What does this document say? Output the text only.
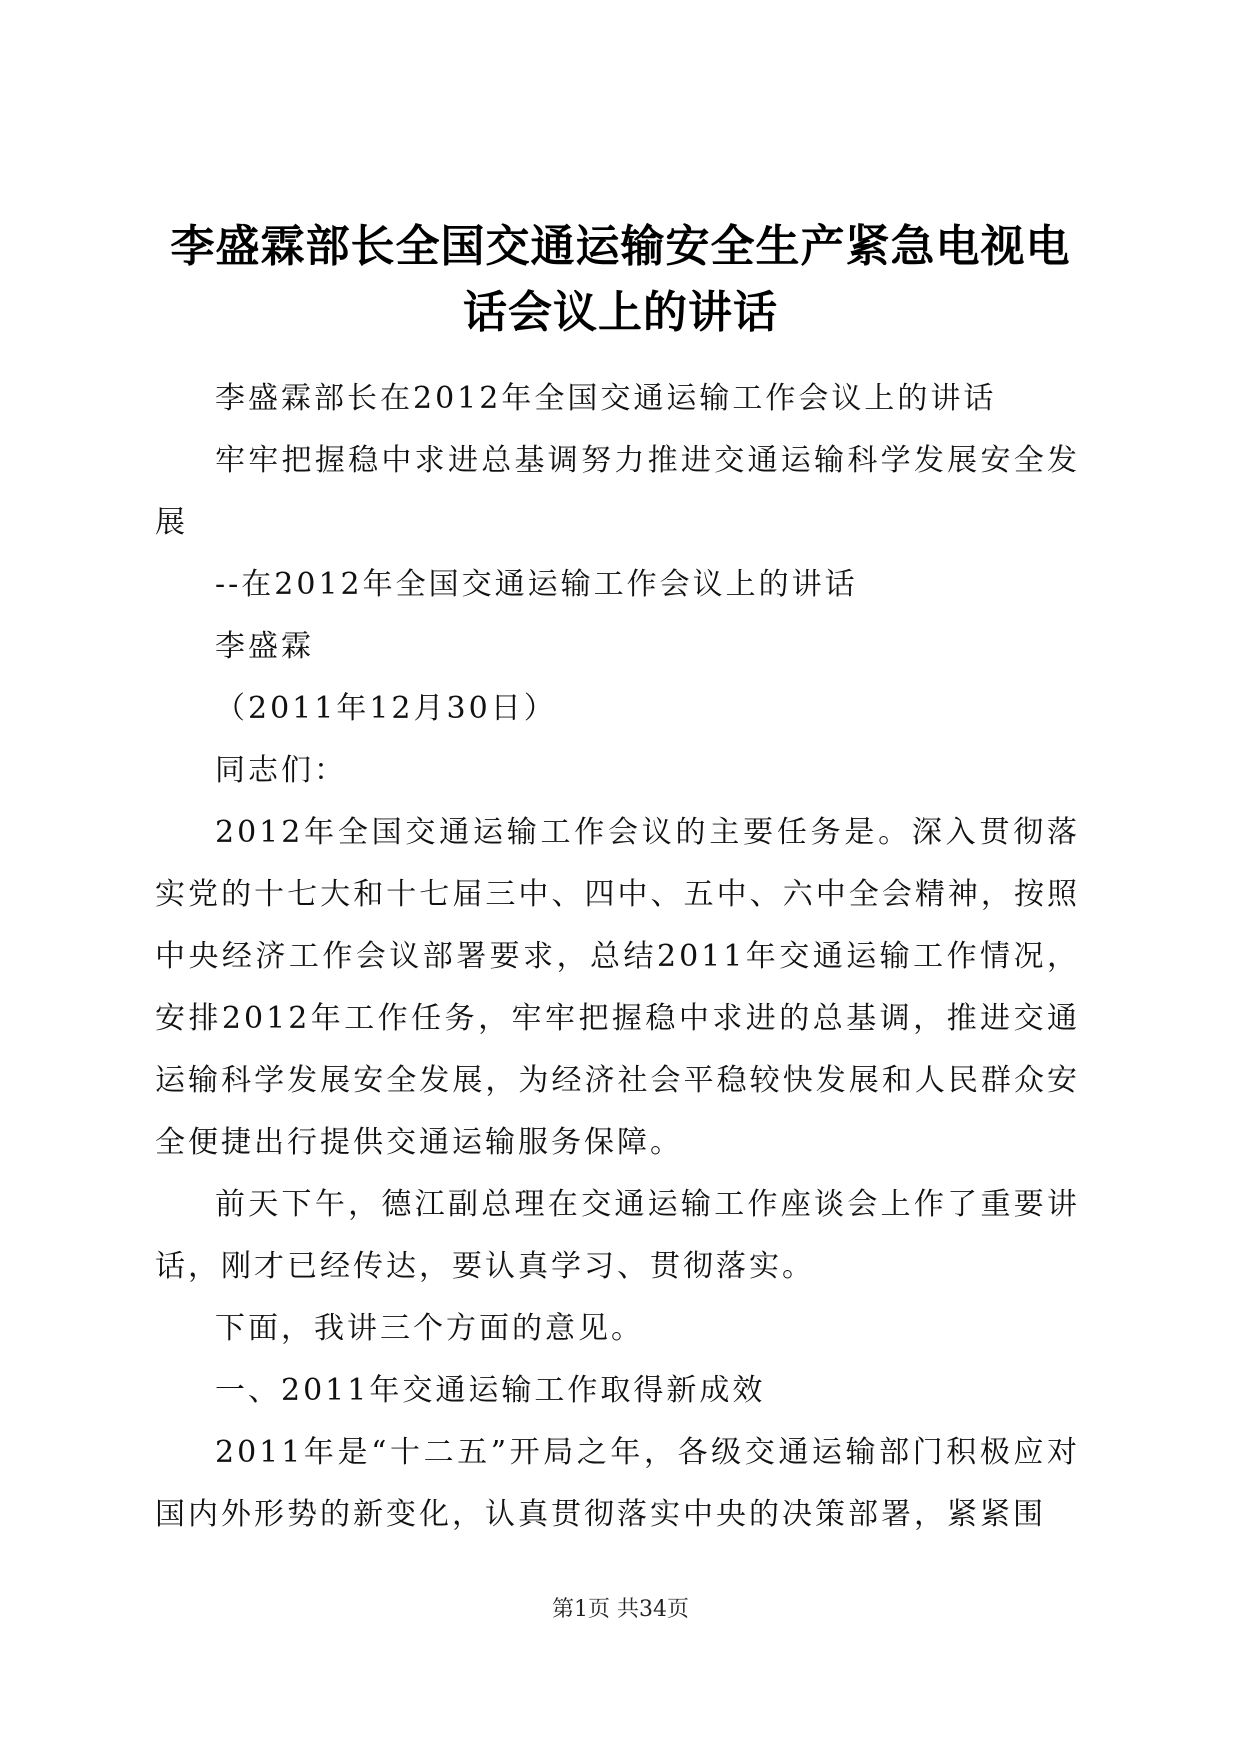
李盛霖部长全国交通运输安全生产紧急电视电话会议上的讲话

李盛霖部长在2012年全国交通运输工作会议上的讲话

牢牢把握稳中求进总基调努力推进交通运输科学发展安全发展

--在2012年全国交通运输工作会议上的讲话

李盛霖

（2011年12月30日）

同志们：

2012年全国交通运输工作会议的主要任务是。深入贯彻落实党的十七大和十七届三中、四中、五中、六中全会精神，按照中央经济工作会议部署要求，总结2011年交通运输工作情况，安排2012年工作任务，牢牢把握稳中求进的总基调，推进交通运输科学发展安全发展，为经济社会平稳较快发展和人民群众安全便捷出行提供交通运输服务保障。

前天下午，德江副总理在交通运输工作座谈会上作了重要讲话，刚才已经传达，要认真学习、贯彻落实。

下面，我讲三个方面的意见。

一、2011年交通运输工作取得新成效

2011年是“十二五”开局之年，各级交通运输部门积极应对国内外形势的新变化，认真贯彻落实中央的决策部署，紧紧围

第1页 共34页
